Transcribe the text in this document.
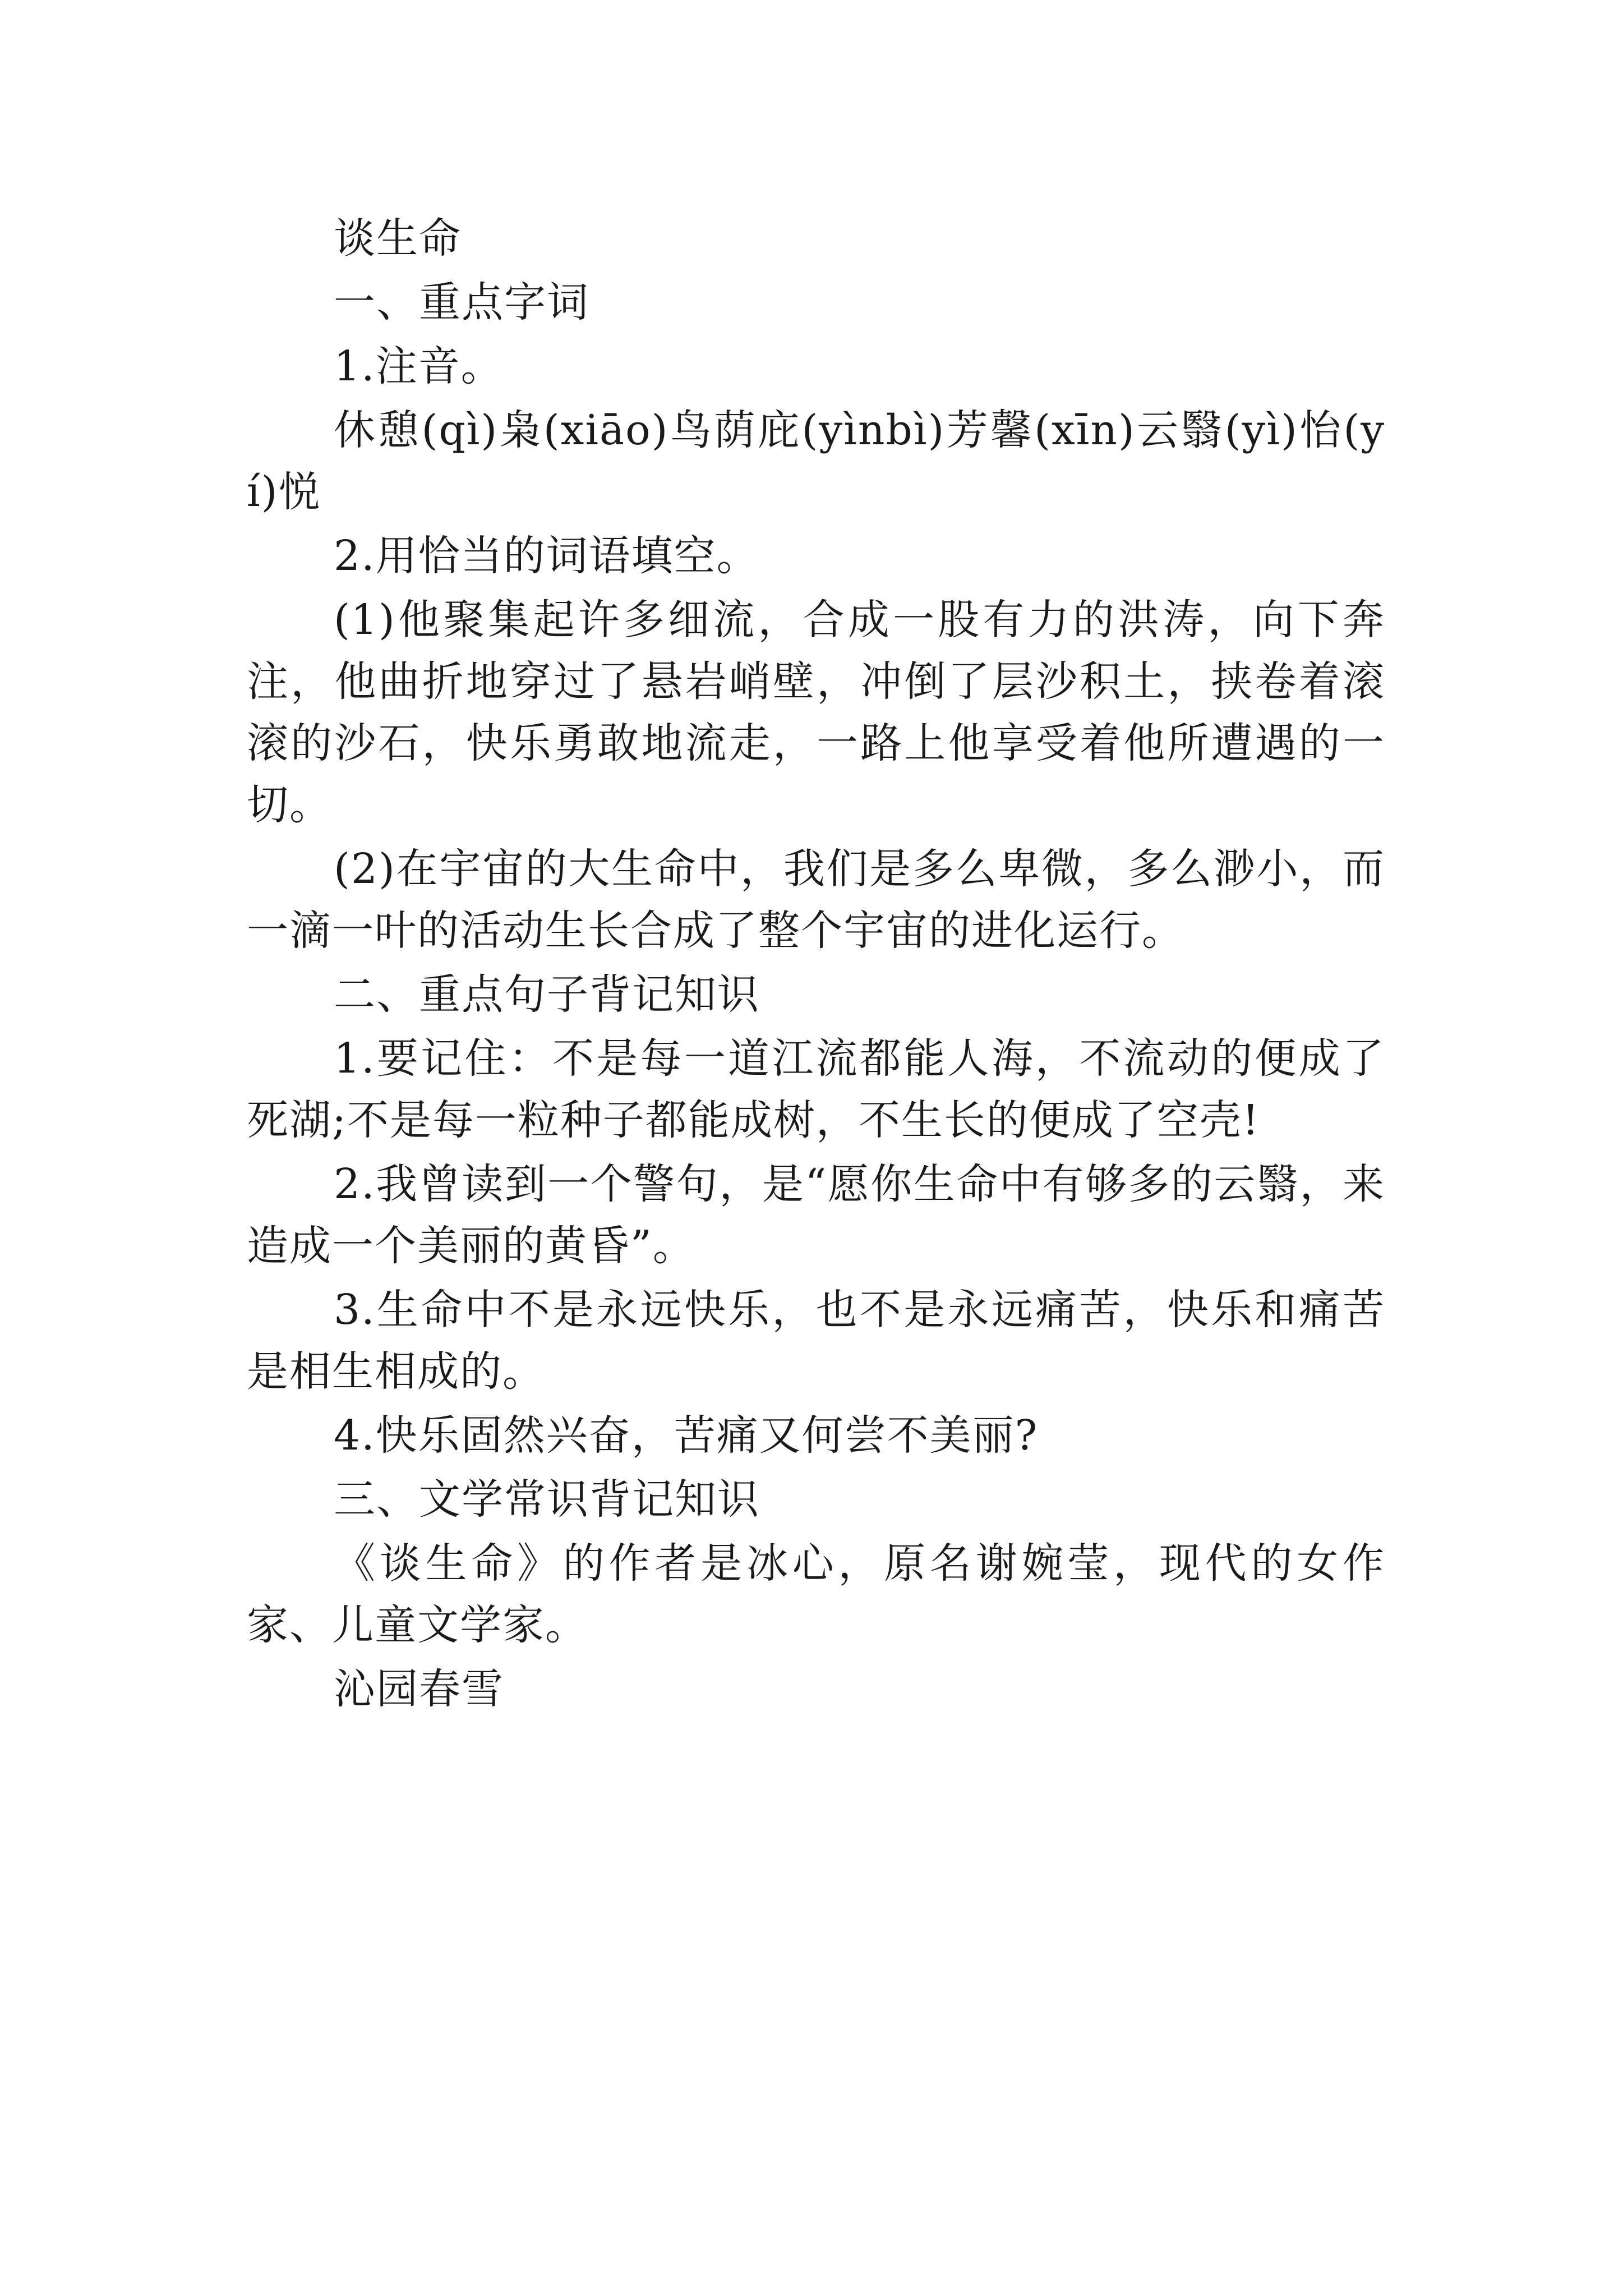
谈生命

一、重点字词

1.注音。

休憩(qì)枭(xiāo)鸟荫庇(yìnbì)芳馨(xīn)云翳(yì)怡(yí)悦

2.用恰当的词语填空。

(1)他聚集起许多细流，合成一股有力的洪涛，向下奔注，他曲折地穿过了悬岩峭壁，冲倒了层沙积土，挟卷着滚滚的沙石，快乐勇敢地流走，一路上他享受着他所遭遇的一切。

(2)在宇宙的大生命中，我们是多么卑微，多么渺小，而一滴一叶的活动生长合成了整个宇宙的进化运行。

二、重点句子背记知识

1.要记住：不是每一道江流都能人海，不流动的便成了死湖;不是每一粒种子都能成树，不生长的便成了空壳!

2.我曾读到一个警句，是“愿你生命中有够多的云翳，来造成一个美丽的黄昏”。

3.生命中不是永远快乐，也不是永远痛苦，快乐和痛苦是相生相成的。

4.快乐固然兴奋，苦痛又何尝不美丽?

三、文学常识背记知识

《谈生命》的作者是冰心，原名谢婉莹，现代的女作家、儿童文学家。

沁园春雪
